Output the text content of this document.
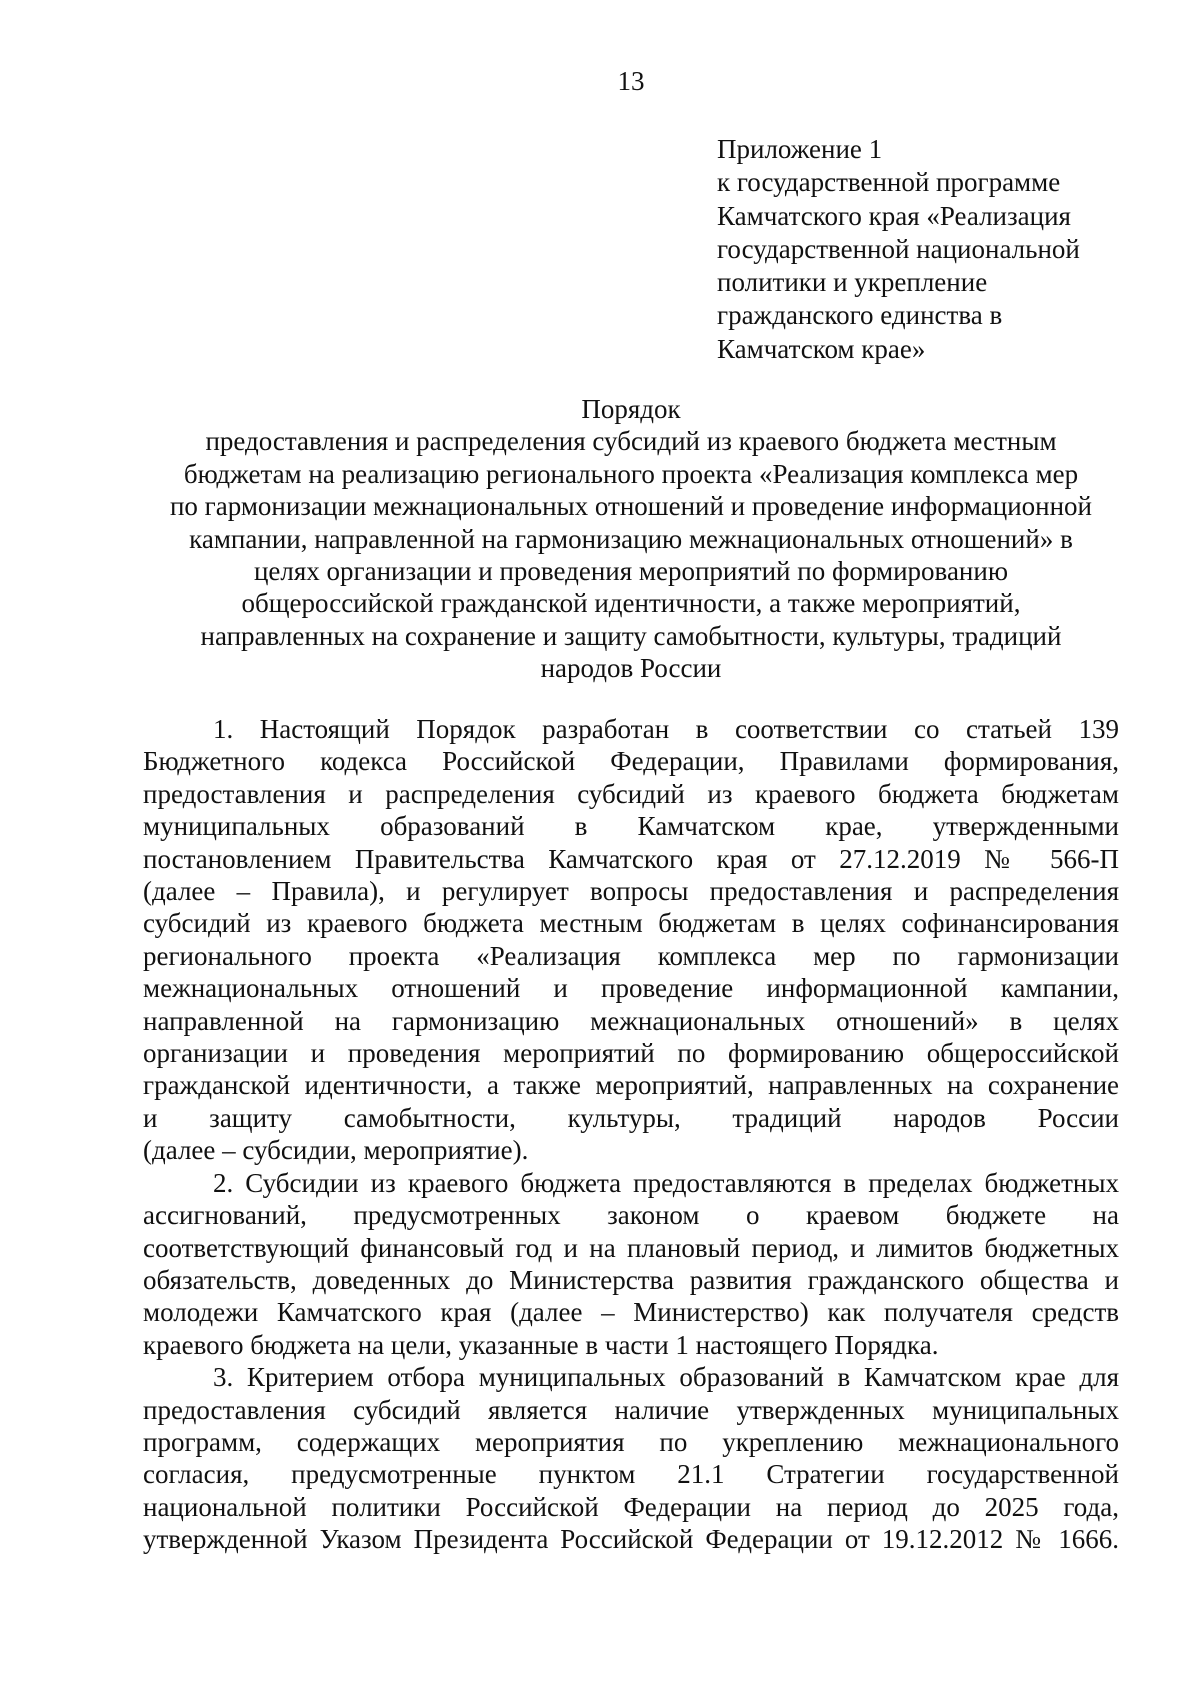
13
Приложение 1
к государственной программе
Камчатского края «Реализация
государственной национальной
политики и укрепление
гражданского единства в
Камчатском крае»
Порядок
предоставления и распределения субсидий из краевого бюджета местным
бюджетам на реализацию регионального проекта «Реализация комплекса мер
по гармонизации межнациональных отношений и проведение информационной
кампании, направленной на гармонизацию межнациональных отношений» в
целях организации и проведения мероприятий по формированию
общероссийской гражданской идентичности, а также мероприятий,
направленных на сохранение и защиту самобытности, культуры, традиций
народов России
1. Настоящий Порядок разработан в соответствии со статьей 139
Бюджетного кодекса Российской Федерации, Правилами формирования,
предоставления и распределения субсидий из краевого бюджета бюджетам
муниципальных образований в Камчатском крае, утвержденными
постановлением Правительства Камчатского края от 27.12.2019 № 566-П
(далее – Правила), и регулирует вопросы предоставления и распределения
субсидий из краевого бюджета местным бюджетам в целях софинансирования
регионального проекта «Реализация комплекса мер по гармонизации
межнациональных отношений и проведение информационной кампании,
направленной на гармонизацию межнациональных отношений» в целях
организации и проведения мероприятий по формированию общероссийской
гражданской идентичности, а также мероприятий, направленных на сохранение
и защиту самобытности, культуры, традиций народов России
(далее – субсидии, мероприятие).
2. Субсидии из краевого бюджета предоставляются в пределах бюджетных
ассигнований, предусмотренных законом о краевом бюджете на
соответствующий финансовый год и на плановый период, и лимитов бюджетных
обязательств, доведенных до Министерства развития гражданского общества и
молодежи Камчатского края (далее – Министерство) как получателя средств
краевого бюджета на цели, указанные в части 1 настоящего Порядка.
3. Критерием отбора муниципальных образований в Камчатском крае для
предоставления субсидий является наличие утвержденных муниципальных
программ, содержащих мероприятия по укреплению межнационального
согласия, предусмотренные пунктом 21.1 Стратегии государственной
национальной политики Российской Федерации на период до 2025 года,
утвержденной Указом Президента Российской Федерации от 19.12.2012 № 1666.
